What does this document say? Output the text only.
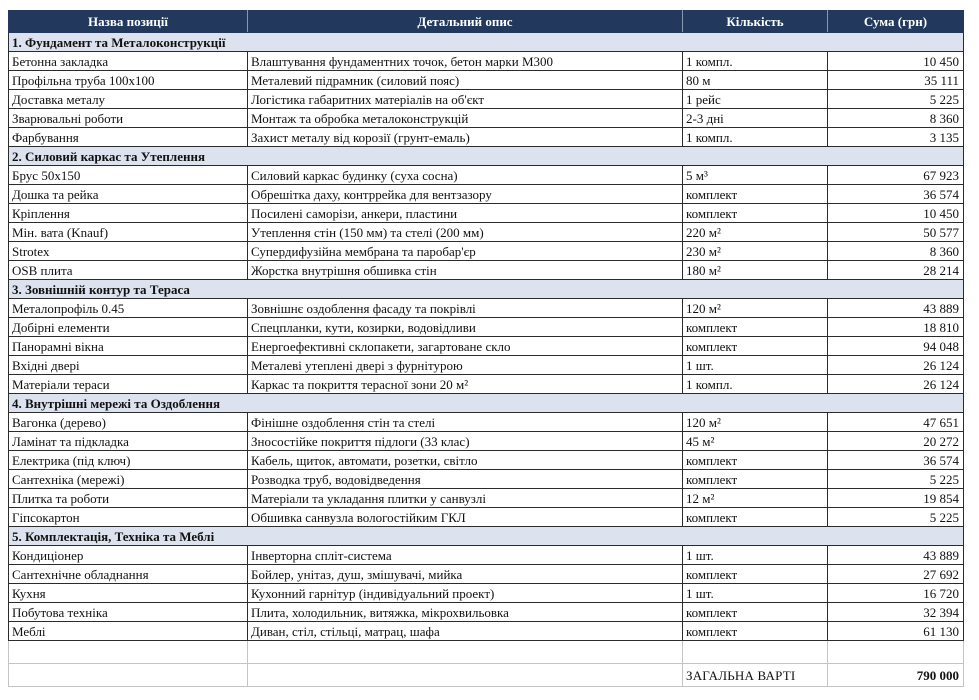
Назва позиції	Детальний опис	Кількість	Сума (грн)
1. Фундамент та Металоконструкції			
Бетонна закладка	Влаштування фундаментних точок, бетон марки М300	1 компл.	10 450
Профільна труба 100х100	Металевий підрамник (силовий пояс)	80 м	35 111
Доставка металу	Логістика габаритних матеріалів на об'єкт	1 рейс	5 225
Зварювальні роботи	Монтаж та обробка металоконструкцій	2-3 дні	8 360
Фарбування	Захист металу від корозії (грунт-емаль)	1 компл.	3 135
2. Силовий каркас та Утеплення			
Брус 50х150	Силовий каркас будинку (суха сосна)	5 м³	67 923
Дошка та рейка	Обрешітка даху, контррейка для вентзазору	комплект	36 574
Кріплення	Посилені саморізи, анкери, пластини	комплект	10 450
Мін. вата (Knauf)	Утеплення стін (150 мм) та стелі (200 мм)	220 м²	50 577
Strotex	Супердифузійна мембрана та паробар'єр	230 м²	8 360
OSB плита	Жорстка внутрішня обшивка стін	180 м²	28 214
3. Зовнішній контур та Тераса			
Металопрофіль 0.45	Зовнішнє оздоблення фасаду та покрівлі	120 м²	43 889
Добірні елементи	Спецпланки, кути, козирки, водовідливи	комплект	18 810
Панорамні вікна	Енергоефективні склопакети, загартоване скло	комплект	94 048
Вхідні двері	Металеві утеплені двері з фурнітурою	1 шт.	26 124
Матеріали тераси	Каркас та покриття терасної зони 20 м²	1 компл.	26 124
4. Внутрішні мережі та Оздоблення			
Вагонка (дерево)	Фінішне оздоблення стін та стелі	120 м²	47 651
Ламінат та підкладка	Зносостійке покриття підлоги (33 клас)	45 м²	20 272
Електрика (під ключ)	Кабель, щиток, автомати, розетки, світло	комплект	36 574
Сантехніка (мережі)	Розводка труб, водовідведення	комплект	5 225
Плитка та роботи	Матеріали та укладання плитки у санвузлі	12 м²	19 854
Гіпсокартон	Обшивка санвузла вологостійким ГКЛ	комплект	5 225
5. Комплектація, Техніка та Меблі			
Кондиціонер	Інверторна спліт-система	1 шт.	43 889
Сантехнічне обладнання	Бойлер, унітаз, душ, змішувачі, мийка	комплект	27 692
Кухня	Кухонний гарнітур (індивідуальний проект)	1 шт.	16 720
Побутова техніка	Плита, холодильник, витяжка, мікрохвильовка	комплект	32 394
Меблі	Диван, стіл, стільці, матрац, шафа	комплект	61 130

		ЗАГАЛЬНА ВАРТІ	790 000
